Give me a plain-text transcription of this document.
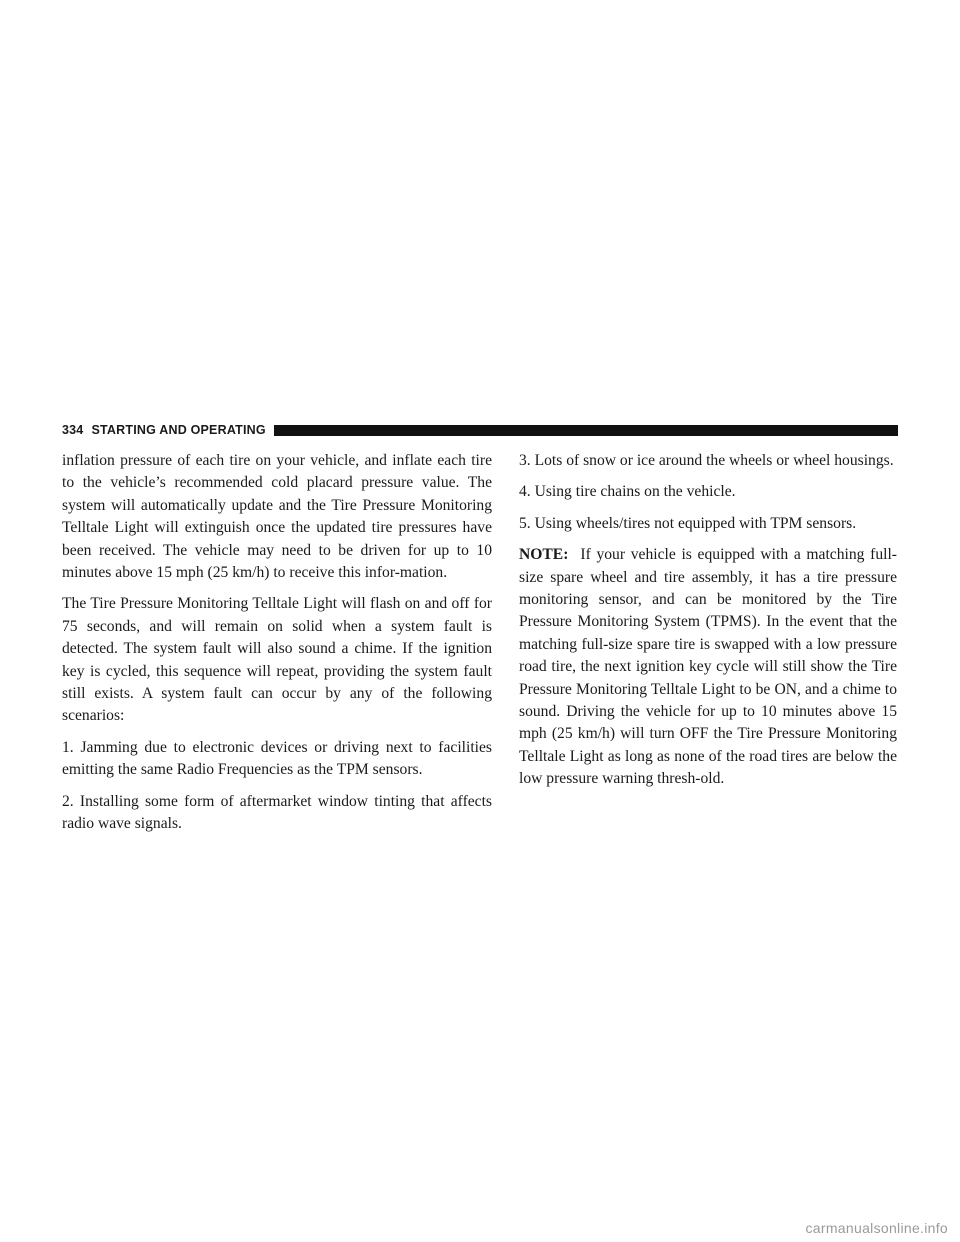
334 STARTING AND OPERATING

inflation pressure of each tire on your vehicle, and inflate each tire to the vehicle’s recommended cold placard pressure value. The system will automatically update and the Tire Pressure Monitoring Telltale Light will extinguish once the updated tire pressures have been received. The vehicle may need to be driven for up to 10 minutes above 15 mph (25 km/h) to receive this infor-mation.

The Tire Pressure Monitoring Telltale Light will flash on and off for 75 seconds, and will remain on solid when a system fault is detected. The system fault will also sound a chime. If the ignition key is cycled, this sequence will repeat, providing the system fault still exists. A system fault can occur by any of the following scenarios:

1. Jamming due to electronic devices or driving next to facilities emitting the same Radio Frequencies as the TPM sensors.

2. Installing some form of aftermarket window tinting that affects radio wave signals.

3. Lots of snow or ice around the wheels or wheel housings.

4. Using tire chains on the vehicle.

5. Using wheels/tires not equipped with TPM sensors.

NOTE: If your vehicle is equipped with a matching full-size spare wheel and tire assembly, it has a tire pressure monitoring sensor, and can be monitored by the Tire Pressure Monitoring System (TPMS). In the event that the matching full-size spare tire is swapped with a low pressure road tire, the next ignition key cycle will still show the Tire Pressure Monitoring Telltale Light to be ON, and a chime to sound. Driving the vehicle for up to 10 minutes above 15 mph (25 km/h) will turn OFF the Tire Pressure Monitoring Telltale Light as long as none of the road tires are below the low pressure warning thresh-old.

carmanualsonline.info
